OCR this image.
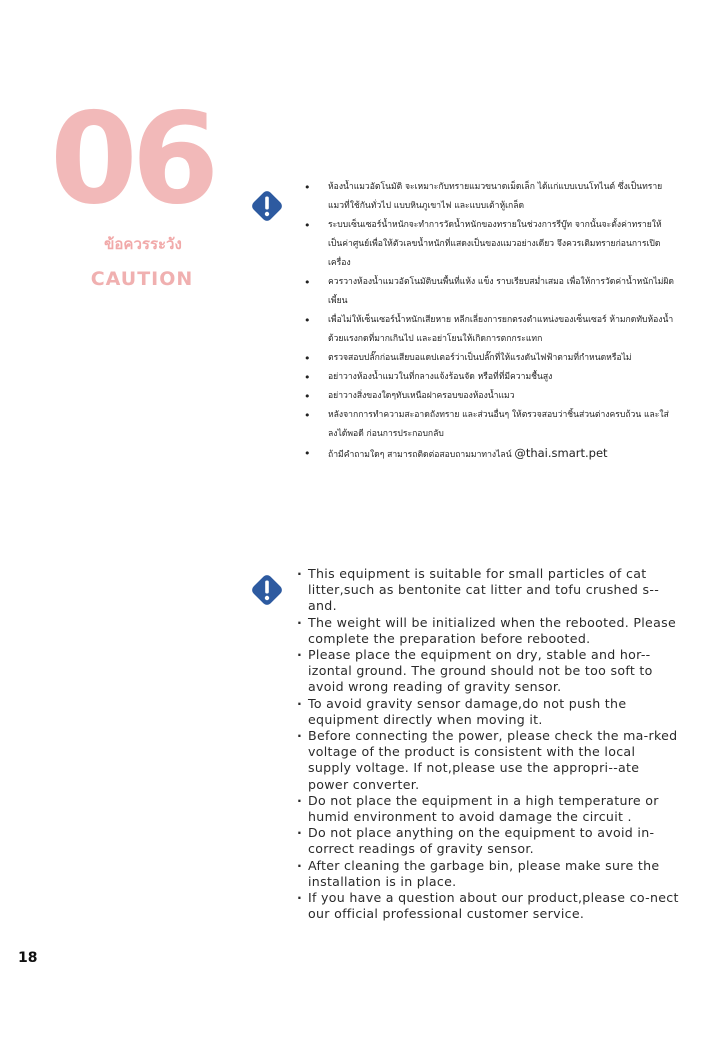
06
ข้อควรระวัง
CAUTION
• ห้องน้ำแมวอัตโนมัติ จะเหมาะกับทรายแมวขนาดเม็ดเล็ก ได้แก่แบบเบนโทไนต์ ซึ่งเป็นทรายแมวที่ใช้กันทั่วไป แบบหินภูเขาไฟ และแบบเต้าหู้เกล็ด
• ระบบเซ็นเซอร์น้ำหนักจะทำการวัดน้ำหนักของทรายในช่วงการรีบู๊ท จากนั้นจะตั้งค่าทรายให้เป็นค่าศูนย์เพื่อให้ตัวเลขน้ำหนักที่แสดงเป็นของแมวอย่างเดียว จึงควรเติมทรายก่อนการเปิดเครื่อง
• ควรวางห้องน้ำแมวอัตโนมัติบนพื้นที่แห้ง แข็ง ราบเรียบสม่ำเสมอ เพื่อให้การวัดค่าน้ำหนักไม่ผิดเพี้ยน
• เพื่อไม่ให้เซ็นเซอร์น้ำหนักเสียหาย หลีกเลี่ยงการยกตรงตำแหน่งของเซ็นเซอร์ ห้ามกดทับห้องน้ำด้วยแรงกดที่มากเกินไป และอย่าโยนให้เกิดการตกกระแทก
• ตรวจสอบปลั๊กก่อนเสียบอแดปเตอร์ว่าเป็นปลั๊กที่ให้แรงดันไฟฟ้าตามที่กำหนดหรือไม่
• อย่าวางห้องน้ำแมวในที่กลางแจ้งร้อนจัด หรือที่ที่มีความชื้นสูง
• อย่าวางสิ่งของใดๆทับเหนือฝาครอบของห้องน้ำแมว
• หลังจากการทำความสะอาดถังทราย และส่วนอื่นๆ ให้ตรวจสอบว่าชิ้นส่วนต่างครบถ้วน และใส่ลงได้พอดี ก่อนการประกอบกลับ
• ถ้ามีคำถามใดๆ สามารถติดต่อสอบถามมาทางไลน์ @thai.smart.pet
· This equipment is suitable for small particles of cat litter,such as bentonite cat litter and tofu crushed s--and.
· The weight will be initialized when the rebooted. Please complete the preparation before rebooted.
· Please place the equipment on dry, stable and hor--izontal ground. The ground should not be too soft to avoid wrong reading of gravity sensor.
· To avoid gravity sensor damage,do not push the equipment directly when moving it.
· Before connecting the power, please check the ma-rked voltage of the product is consistent with the local supply voltage. If not,please use the appropri--ate power converter.
· Do not place the equipment in a high temperature or humid environment to avoid damage the circuit .
· Do not place anything on the equipment to avoid in-correct readings of gravity sensor.
· After cleaning the garbage bin, please make sure the installation is in place.
· If you have a question about our product,please co-nect our official professional customer service.
18
